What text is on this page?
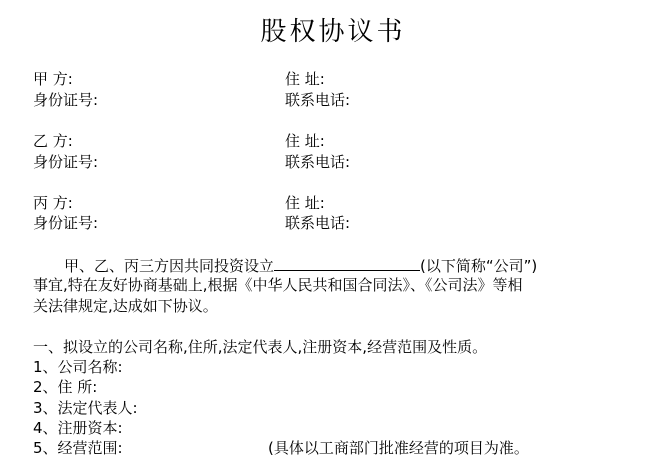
股权协议书
甲 方:	住 址:
身份证号:	联系电话:
乙 方:	住 址:
身份证号:	联系电话:
丙 方:	住 址:
身份证号:	联系电话:
甲、乙、丙三方因共同投资设立	(以下简称“公司”)
事宜,特在友好协商基础上,根据《中华人民共和国合同法》、《公司法》等相
关法律规定,达成如下协议。
一、拟设立的公司名称,住所,法定代表人,注册资本,经营范围及性质。
1、公司名称:
2、住 所:
3、法定代表人:
4、注册资本:
5、经营范围:	(具体以工商部门批准经营的项目为准。
